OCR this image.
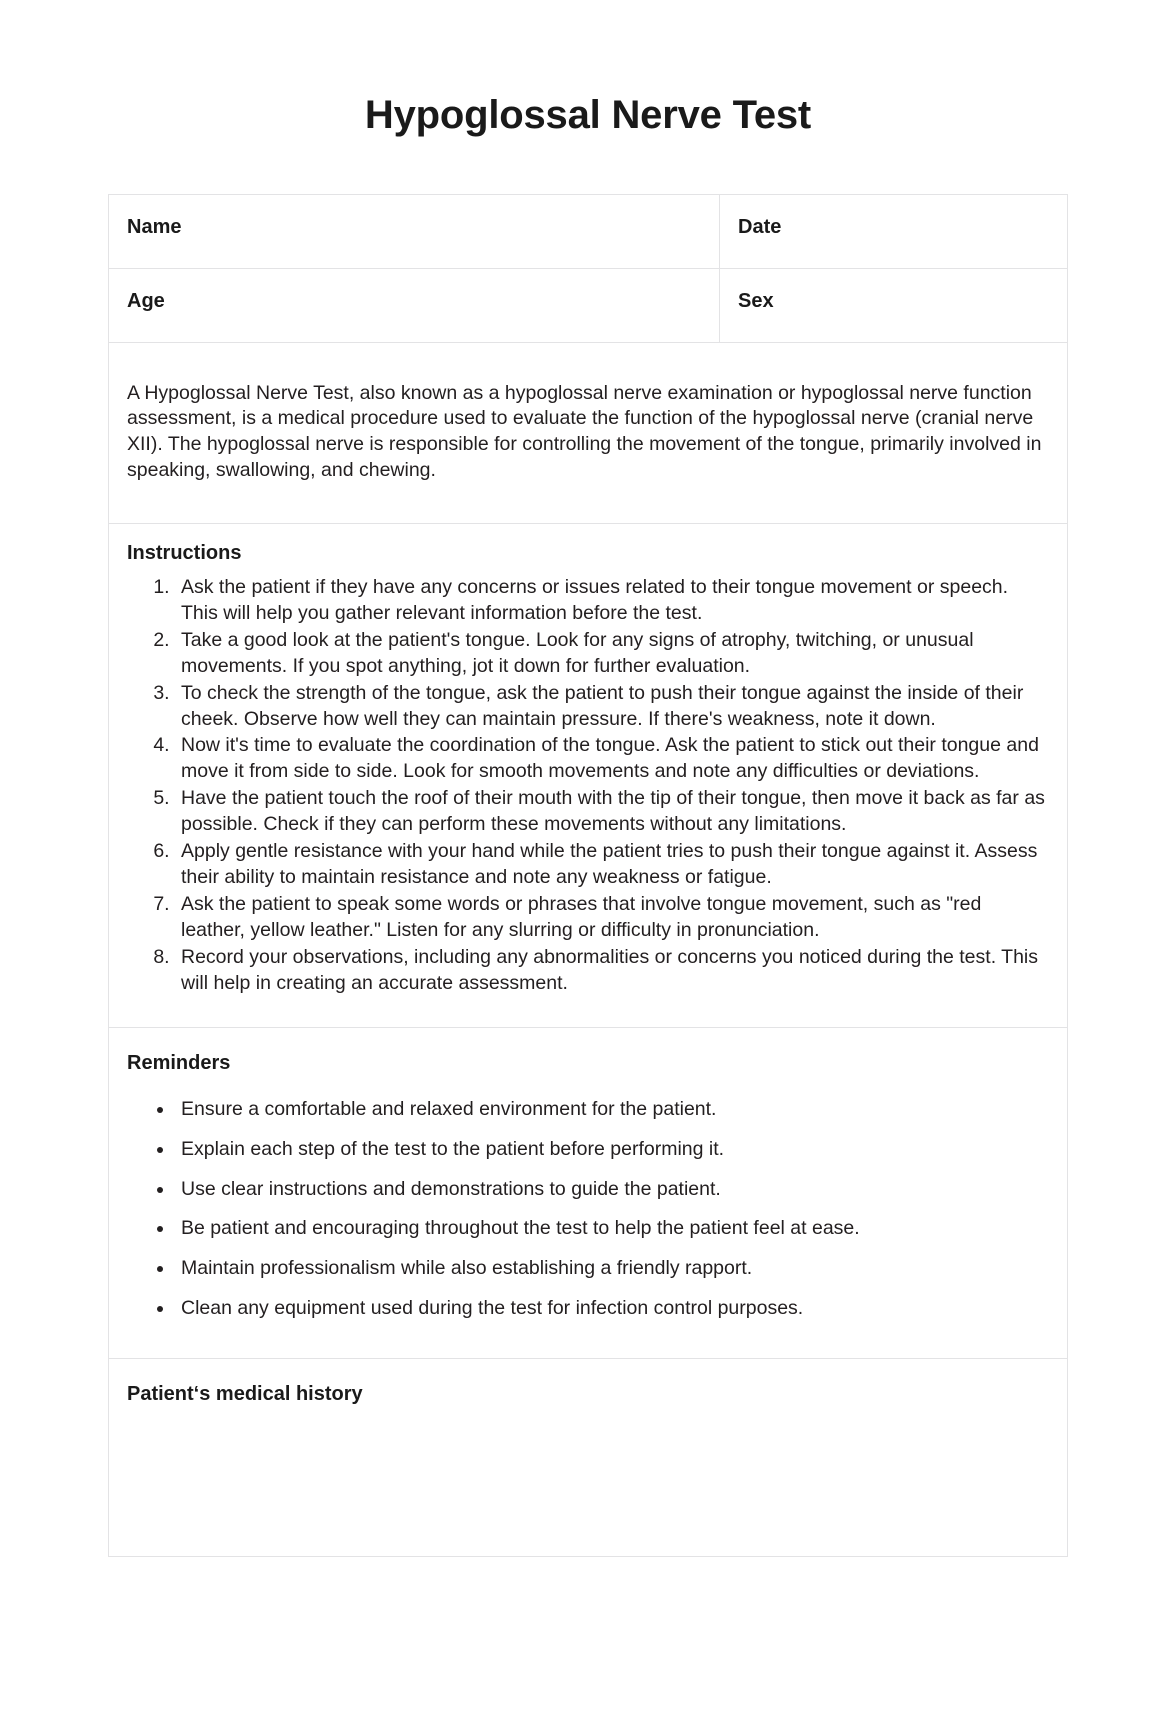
Hypoglossal Nerve Test
Name	Date
Age	Sex

A Hypoglossal Nerve Test, also known as a hypoglossal nerve examination or hypoglossal nerve function assessment, is a medical procedure used to evaluate the function of the hypoglossal nerve (cranial nerve XII). The hypoglossal nerve is responsible for controlling the movement of the tongue, primarily involved in speaking, swallowing, and chewing.

Instructions
1. Ask the patient if they have any concerns or issues related to their tongue movement or speech. This will help you gather relevant information before the test.
2. Take a good look at the patient's tongue. Look for any signs of atrophy, twitching, or unusual movements. If you spot anything, jot it down for further evaluation.
3. To check the strength of the tongue, ask the patient to push their tongue against the inside of their cheek. Observe how well they can maintain pressure. If there's weakness, note it down.
4. Now it's time to evaluate the coordination of the tongue. Ask the patient to stick out their tongue and move it from side to side. Look for smooth movements and note any difficulties or deviations.
5. Have the patient touch the roof of their mouth with the tip of their tongue, then move it back as far as possible. Check if they can perform these movements without any limitations.
6. Apply gentle resistance with your hand while the patient tries to push their tongue against it. Assess their ability to maintain resistance and note any weakness or fatigue.
7. Ask the patient to speak some words or phrases that involve tongue movement, such as "red leather, yellow leather." Listen for any slurring or difficulty in pronunciation.
8. Record your observations, including any abnormalities or concerns you noticed during the test. This will help in creating an accurate assessment.
Reminders
• Ensure a comfortable and relaxed environment for the patient.
• Explain each step of the test to the patient before performing it.
• Use clear instructions and demonstrations to guide the patient.
• Be patient and encouraging throughout the test to help the patient feel at ease.
• Maintain professionalism while also establishing a friendly rapport.
• Clean any equipment used during the test for infection control purposes.
Patient‘s medical history
